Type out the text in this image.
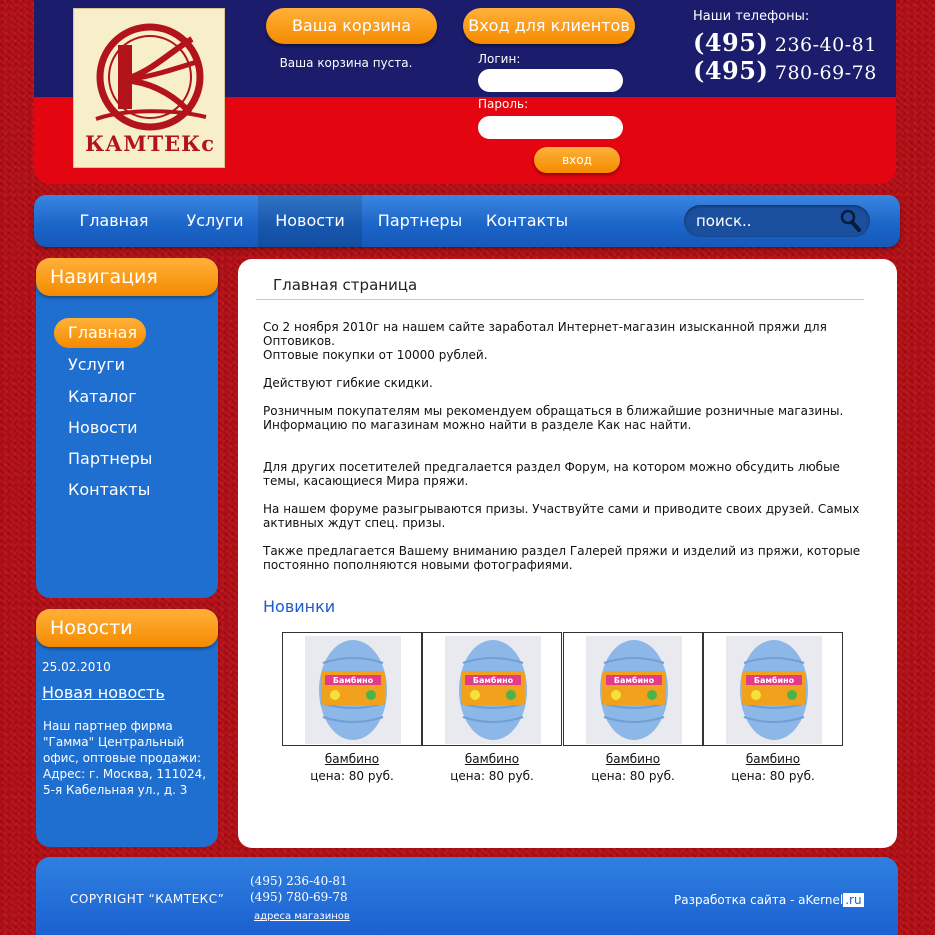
КАМТЕКс
Ваша корзина
Ваша корзина пуста.
Вход для клиентов
Логин:
Пароль:
вход
Наши телефоны:
(495) 236-40-81
(495) 780-69-78
Главная	Услуги	Новости	Партнеры	Контакты
поиск..
Навигация
Главная
Услуги
Каталог
Новости
Партнеры
Контакты
Новости
25.02.2010
Новая новость
Наш партнер фирма "Гамма" Центральный офис, оптовые продажи: Адрес: г. Москва, 111024, 5-я Кабельная ул., д. 3
Главная страница
Со 2 ноября 2010г на нашем сайте заработал Интернет-магазин изысканной пряжи для Оптовиков.
Оптовые покупки от 10000 рублей.
Действуют гибкие скидки.
Розничным покупателям мы рекомендуем обращаться в ближайшие розничные магазины. Информацию по магазинам можно найти в разделе Как нас найти.
Для других посетителей предгалается раздел Форум, на котором можно обсудить любые темы, касающиеся Мира пряжи.
На нашем форуме разыгрываются призы. Участвуйте сами и приводите своих друзей. Самых активных ждут спец. призы.
Также предлагается Вашему вниманию раздел Галерей пряжи и изделий из пряжи, которые постоянно пополняются новыми фотографиями.
Новинки
Бамбино
бамбино
цена: 80 руб.
Бамбино
бамбино
цена: 80 руб.
Бамбино
бамбино
цена: 80 руб.
Бамбино
бамбино
цена: 80 руб.
COPYRIGHT “КАМТЕКС”
(495) 236-40-81
(495) 780-69-78
адреса магазинов
Разработка сайта - aKernel .ru
